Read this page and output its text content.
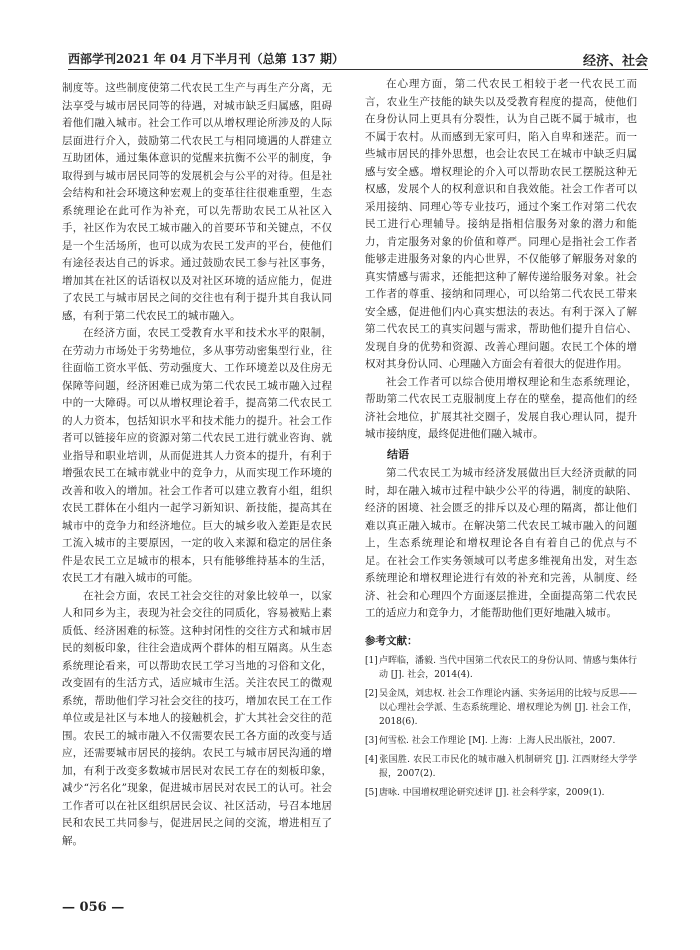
西部学刊2021 年 04 月下半月刊（总第 137 期）	经济、社会

制度等。这些制度使第二代农民工生产与再生产分离，无法享受与城市居民同等的待遇，对城市缺乏归属感，阻碍着他们融入城市。社会工作可以从增权理论所涉及的人际层面进行介入，鼓励第二代农民工与相同境遇的人群建立互助团体，通过集体意识的觉醒来抗衡不公平的制度，争取得到与城市居民同等的发展机会与公平的对待。但是社会结构和社会环境这种宏观上的变革往往很难重塑，生态系统理论在此可作为补充，可以先帮助农民工从社区入手，社区作为农民工城市融入的首要环节和关键点，不仅是一个生活场所，也可以成为农民工发声的平台，使他们有途径表达自己的诉求。通过鼓励农民工参与社区事务，增加其在社区的话语权以及对社区环境的适应能力，促进了农民工与城市居民之间的交往也有利于提升其自我认同感，有利于第二代农民工的城市融入。

在经济方面，农民工受教育水平和技术水平的限制，在劳动力市场处于劣势地位，多从事劳动密集型行业，往往面临工资水平低、劳动强度大、工作环境差以及住房无保障等问题，经济困难已成为第二代农民工城市融入过程中的一大障碍。可以从增权理论着手，提高第二代农民工的人力资本，包括知识水平和技术能力的提升。社会工作者可以链接年应的资源对第二代农民工进行就业咨询、就业指导和职业培训，从而促进其人力资本的提升，有利于增强农民工在城市就业中的竞争力，从而实现工作环境的改善和收入的增加。社会工作者可以建立教育小组，组织农民工群体在小组内一起学习新知识、新技能，提高其在城市中的竞争力和经济地位。巨大的城乡收入差距是农民工流入城市的主要原因，一定的收入来源和稳定的居住条件是农民工立足城市的根本，只有能够维持基本的生活，农民工才有融入城市的可能。

在社会方面，农民工社会交往的对象比较单一，以家人和同乡为主，表现为社会交往的同质化，容易被贴上素质低、经济困难的标签。这种封闭性的交往方式和城市居民的刻板印象，往往会造成两个群体的相互隔离。从生态系统理论看来，可以帮助农民工学习当地的习俗和文化，改变固有的生活方式，适应城市生活。关注农民工的微观系统，帮助他们学习社会交往的技巧，增加农民工在工作单位或是社区与本地人的接触机会，扩大其社会交往的范围。农民工的城市融入不仅需要农民工各方面的改变与适应，还需要城市居民的接纳。农民工与城市居民沟通的增加，有利于改变多数城市居民对农民工存在的刻板印象，减少“污名化”现象，促进城市居民对农民工的认可。社会工作者可以在社区组织居民会议、社区活动，号召本地居民和农民工共同参与，促进居民之间的交流，增进相互了解。

在心理方面，第二代农民工相较于老一代农民工而言，农业生产技能的缺失以及受教育程度的提高，使他们在身份认同上更具有分裂性，认为自己既不属于城市，也不属于农村。从而感到无家可归，陷入自卑和迷茫。而一些城市居民的排外思想，也会让农民工在城市中缺乏归属感与安全感。增权理论的介入可以帮助农民工摆脱这种无权感，发展个人的权利意识和自我效能。社会工作者可以采用接纳、同理心等专业技巧，通过个案工作对第二代农民工进行心理辅导。接纳是指相信服务对象的潜力和能力，肯定服务对象的价值和尊严。同理心是指社会工作者能够走进服务对象的内心世界，不仅能够了解服务对象的真实情感与需求，还能把这种了解传递给服务对象。社会工作者的尊重、接纳和同理心，可以给第二代农民工带来安全感，促进他们内心真实想法的表达。有利于深入了解第二代农民工的真实问题与需求，帮助他们提升自信心、发现自身的优势和资源、改善心理问题。农民工个体的增权对其身份认同、心理融入方面会有着很大的促进作用。

社会工作者可以综合使用增权理论和生态系统理论，帮助第二代农民工克服制度上存在的壁垒，提高他们的经济社会地位，扩展其社交圈子，发展自我心理认同，提升城市接纳度，最终促进他们融入城市。

结语

第二代农民工为城市经济发展做出巨大经济贡献的同时，却在融入城市过程中缺少公平的待遇，制度的缺陷、经济的困境、社会匮乏的排斥以及心理的隔离，都让他们难以真正融入城市。在解决第二代农民工城市融入的问题上，生态系统理论和增权理论各自有着自己的优点与不足。在社会工作实务领域可以考虑多维视角出发，对生态系统理论和增权理论进行有效的补充和完善，从制度、经济、社会和心理四个方面逐层推进，全面提高第二代农民工的适应力和竞争力，才能帮助他们更好地融入城市。

参考文献：
[1]卢晖临，潘毅. 当代中国第二代农民工的身份认同、情感与集体行动 [J]. 社会，2014(4).
[2]吴金凤，刘忠权. 社会工作理论内涵、实务运用的比较与反思——以心理社会学派、生态系统理论、增权理论为例 [J]. 社会工作，2018(6).
[3]何雪松. 社会工作理论 [M]. 上海：上海人民出版社，2007.
[4]张国胜. 农民工市民化的城市融入机制研究 [J]. 江西财经大学学报，2007(2).
[5]唐咏. 中国增权理论研究述评 [J]. 社会科学家，2009(1).
— 056 —
